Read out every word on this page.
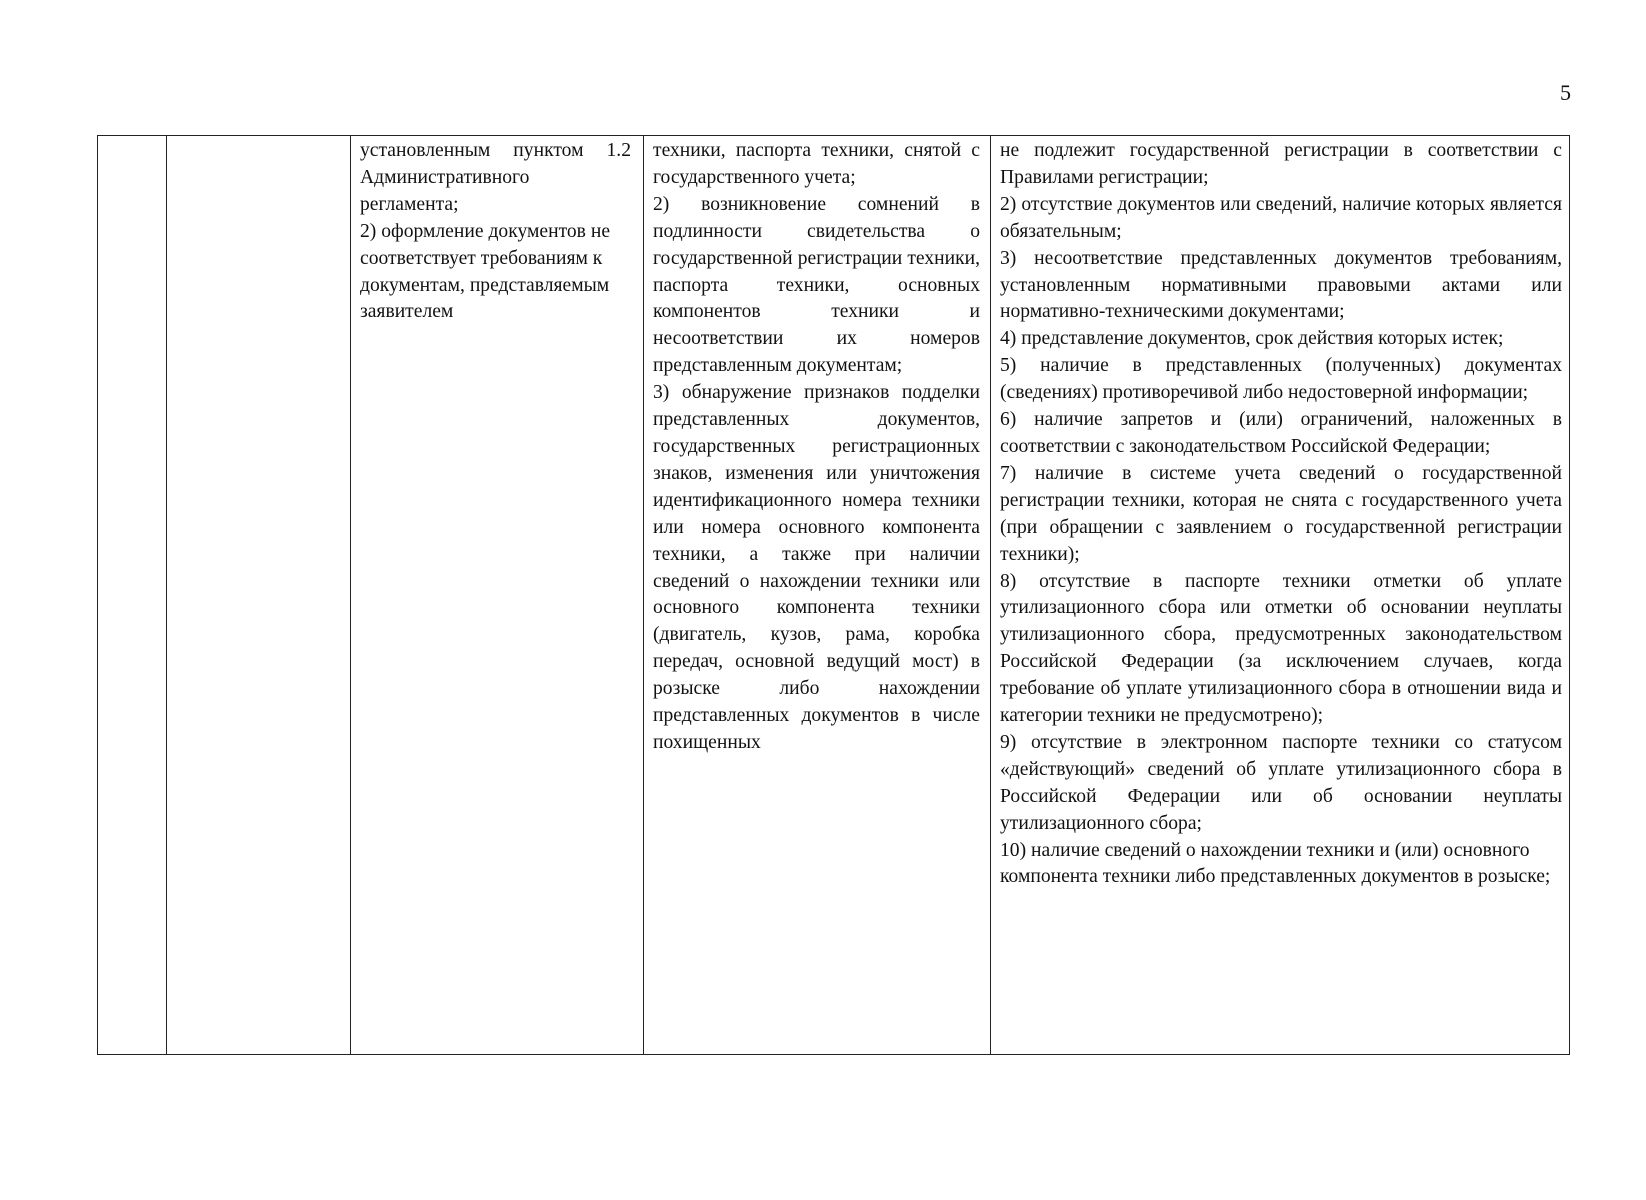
5

установленным пунктом 1.2 Административного регламента;

2) оформление документов не соответствует требованиям к документам, представляемым заявителем

техники, паспорта техники, снятой с государственного учета;

2) возникновение сомнений в подлинности свидетельства о государственной регистрации техники, паспорта техники, основных компонентов техники и несоответствии их номеров представленным документам;

3) обнаружение признаков подделки представленных документов, государственных регистрационных знаков, изменения или уничтожения идентификационного номера техники или номера основного компонента техники, а также при наличии сведений о нахождении техники или основного компонента техники (двигатель, кузов, рама, коробка передач, основной ведущий мост) в розыске либо нахождении представленных документов в числе похищенных

не подлежит государственной регистрации в соответствии с Правилами регистрации;

2) отсутствие документов или сведений, наличие которых является обязательным;

3) несоответствие представленных документов требованиям, установленным нормативными правовыми актами или нормативно-техническими документами;

4) представление документов, срок действия которых истек;

5) наличие в представленных (полученных) документах (сведениях) противоречивой либо недостоверной информации;

6) наличие запретов и (или) ограничений, наложенных в соответствии с законодательством Российской Федерации;

7) наличие в системе учета сведений о государственной регистрации техники, которая не снята с государственного учета (при обращении с заявлением о государственной регистрации техники);

8) отсутствие в паспорте техники отметки об уплате утилизационного сбора или отметки об основании неуплаты утилизационного сбора, предусмотренных законодательством Российской Федерации (за исключением случаев, когда требование об уплате утилизационного сбора в отношении вида и категории техники не предусмотрено);

9) отсутствие в электронном паспорте техники со статусом «действующий» сведений об уплате утилизационного сбора в Российской Федерации или об основании неуплаты утилизационного сбора;

10) наличие сведений о нахождении техники и (или) основного компонента техники либо представленных документов в розыске;
